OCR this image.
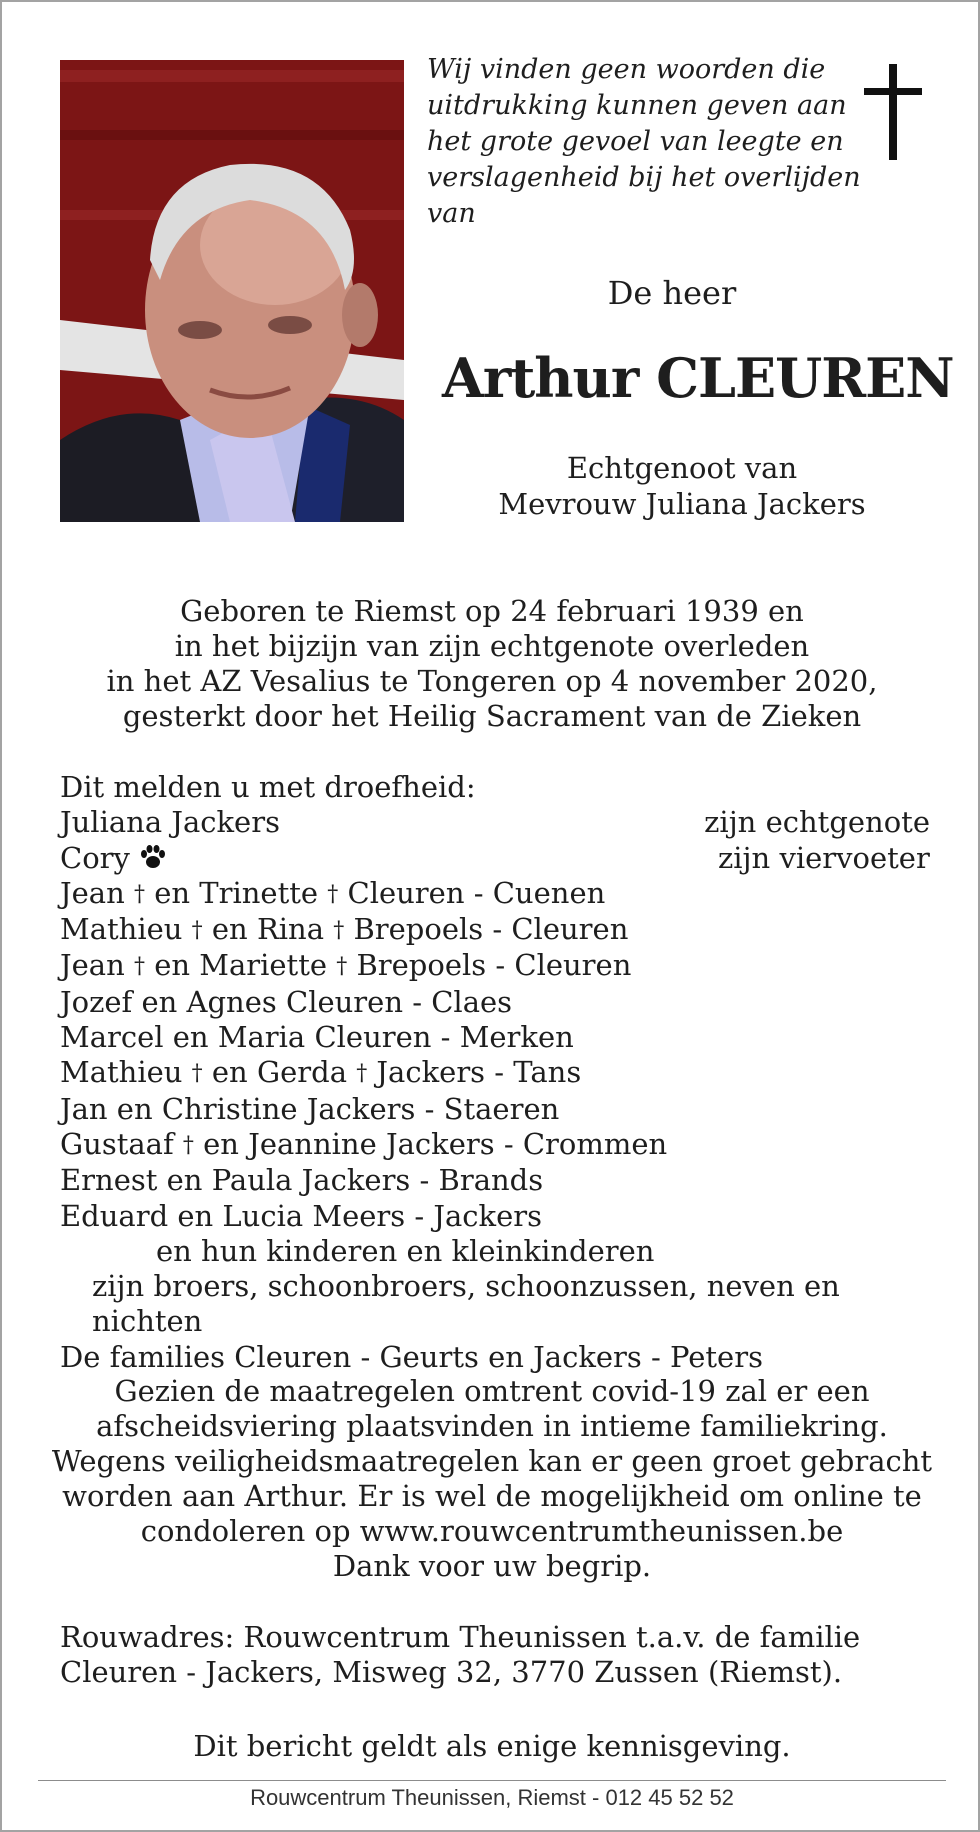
Wij vinden geen woorden die
uitdrukking kunnen geven aan
het grote gevoel van leegte en
verslagenheid bij het overlijden van
De heer
Arthur CLEUREN
Echtgenoot van
Mevrouw Juliana Jackers
Geboren te Riemst op 24 februari 1939 en
in het bijzijn van zijn echtgenote overleden
in het AZ Vesalius te Tongeren op 4 november 2020,
gesterkt door het Heilig Sacrament van de Zieken
Dit melden u met droefheid:
Juliana Jackers	zijn echtgenote
Cory	zijn viervoeter
Jean † en Trinette † Cleuren - Cuenen
Mathieu † en Rina † Brepoels - Cleuren
Jean † en Mariette † Brepoels - Cleuren
Jozef en Agnes Cleuren - Claes
Marcel en Maria Cleuren - Merken
Mathieu † en Gerda † Jackers - Tans
Jan en Christine Jackers - Staeren
Gustaaf † en Jeannine Jackers - Crommen
Ernest en Paula Jackers - Brands
Eduard en Lucia Meers - Jackers
en hun kinderen en kleinkinderen
zijn broers, schoonbroers, schoonzussen, neven en nichten
De families Cleuren - Geurts en Jackers - Peters
Gezien de maatregelen omtrent covid-19 zal er een
afscheidsviering plaatsvinden in intieme familiekring.
Wegens veiligheidsmaatregelen kan er geen groet gebracht
worden aan Arthur. Er is wel de mogelijkheid om online te
condoleren op www.rouwcentrumtheunissen.be
Dank voor uw begrip.
Rouwadres: Rouwcentrum Theunissen t.a.v. de familie
Cleuren - Jackers, Misweg 32, 3770 Zussen (Riemst).
Dit bericht geldt als enige kennisgeving.
Rouwcentrum Theunissen, Riemst - 012 45 52 52
